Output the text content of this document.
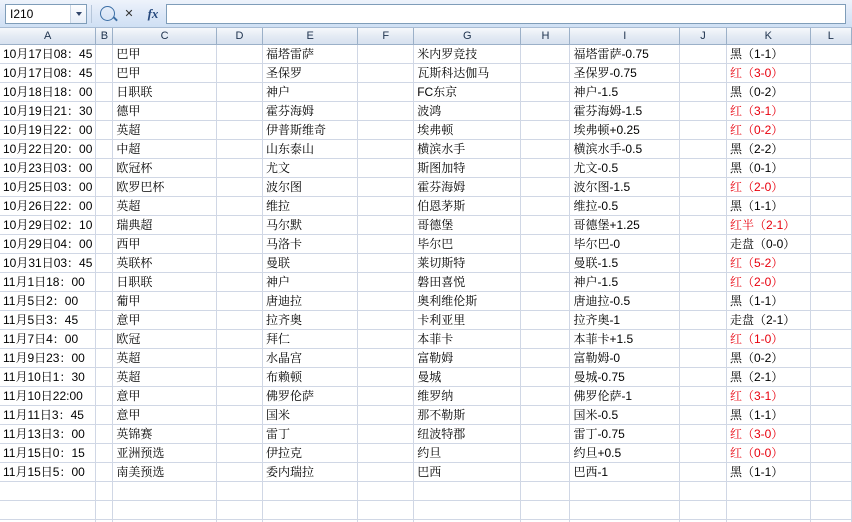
I210	✕	fx
A	B	C	D	E	F	G	H	I	J	K	L
10月17日08：45		巴甲		福塔雷萨		米内罗竞技		福塔雷萨-0.75		黑（1-1）	
10月17日08：45		巴甲		圣保罗		瓦斯科达伽马		圣保罗-0.75		红（3-0）	
10月18日18：00		日职联		神户		FC东京		神户-1.5		黑（0-2）	
10月19日21：30		德甲		霍芬海姆		波鸿		霍芬海姆-1.5		红（3-1）	
10月19日22：00		英超		伊普斯维奇		埃弗顿		埃弗顿+0.25		红（0-2）	
10月22日20：00		中超		山东泰山		横滨水手		横滨水手-0.5		黑（2-2）	
10月23日03：00		欧冠杯		尤文		斯图加特		尤文-0.5		黑（0-1）	
10月25日03：00		欧罗巴杯		波尔图		霍芬海姆		波尔图-1.5		红（2-0）	
10月26日22：00		英超		维拉		伯恩茅斯		维拉-0.5		黑（1-1）	
10月29日02：10		瑞典超		马尔默		哥德堡		哥德堡+1.25		红半（2-1）	
10月29日04：00		西甲		马洛卡		毕尔巴		毕尔巴-0		走盘（0-0）	
10月31日03：45		英联杯		曼联		莱切斯特		曼联-1.5		红（5-2）	
11月1日18：00		日职联		神户		磐田喜悦		神户-1.5		红（2-0）	
11月5日2：00		葡甲		唐迪拉		奥利维伦斯		唐迪拉-0.5		黑（1-1）	
11月5日3：45		意甲		拉齐奥		卡利亚里		拉齐奥-1		走盘（2-1）	
11月7日4：00		欧冠		拜仁		本菲卡		本菲卡+1.5		红（1-0）	
11月9日23：00		英超		水晶宫		富勒姆		富勒姆-0		黑（0-2）	
11月10日1：30		英超		布赖顿		曼城		曼城-0.75		黑（2-1）	
11月10日22:00		意甲		佛罗伦萨		维罗纳		佛罗伦萨-1		红（3-1）	
11月11日3：45		意甲		国米		那不勒斯		国米-0.5		黑（1-1）	
11月13日3：00		英锦赛		雷丁		纽波特郡		雷丁-0.75		红（3-0）	
11月15日0：15		亚洲预选		伊拉克		约旦		约旦+0.5		红（0-0）	
11月15日5：00		南美预选		委内瑞拉		巴西		巴西-1		黑（1-1）	
